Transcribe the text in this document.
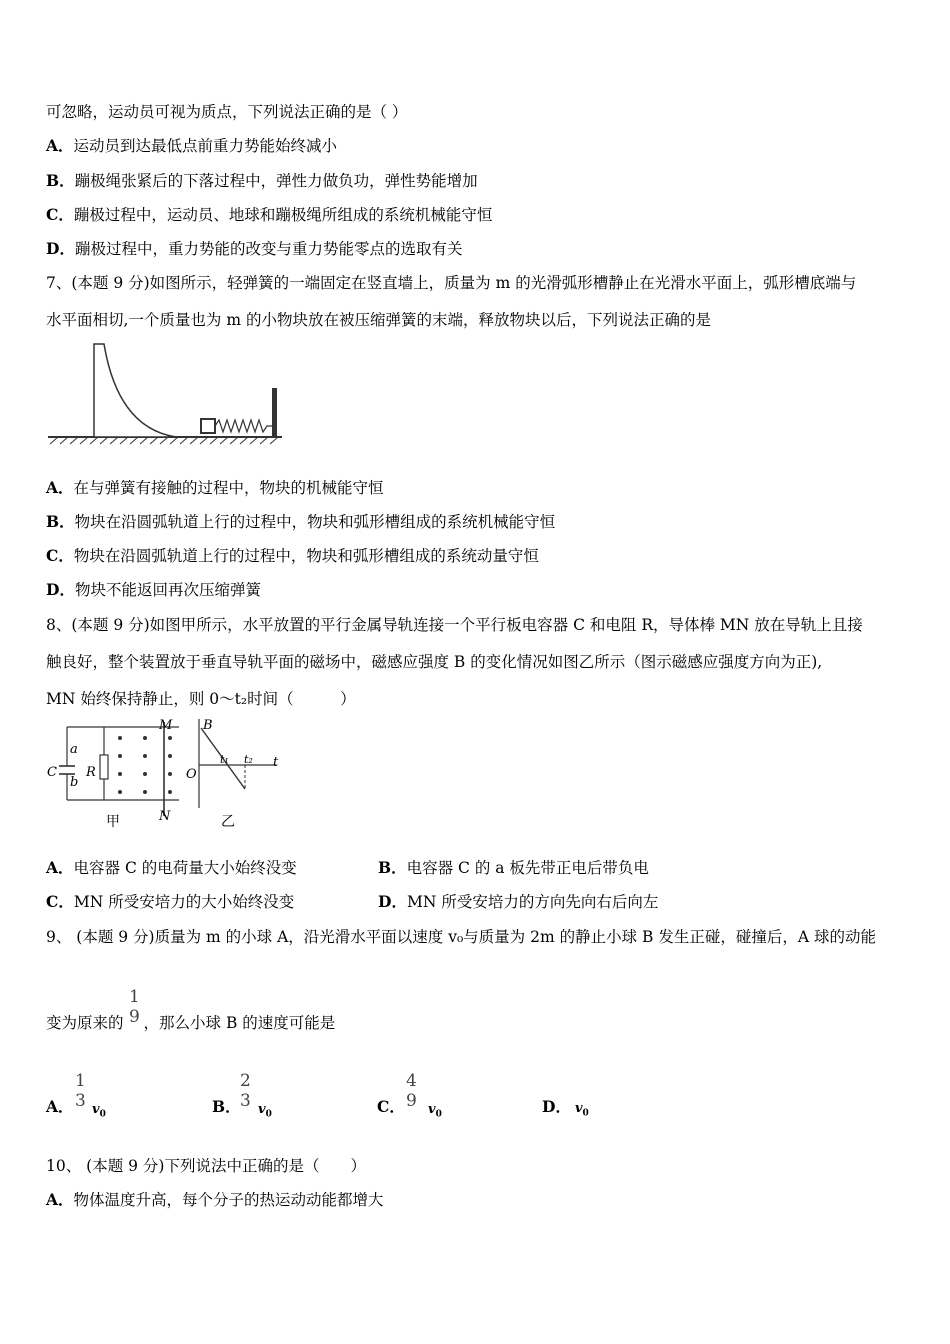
可忽略，运动员可视为质点，下列说法正确的是（ ）
A．运动员到达最低点前重力势能始终减小
B．蹦极绳张紧后的下落过程中，弹性力做负功，弹性势能增加
C．蹦极过程中，运动员、地球和蹦极绳所组成的系统机械能守恒
D．蹦极过程中，重力势能的改变与重力势能零点的选取有关
7、(本题 9 分)如图所示，轻弹簧的一端固定在竖直墙上，质量为 m 的光滑弧形槽静止在光滑水平面上，弧形槽底端与
水平面相切,一个质量也为 m 的小物块放在被压缩弹簧的末端，释放物块以后，下列说法正确的是
A．在与弹簧有接触的过程中，物块的机械能守恒
B．物块在沿圆弧轨道上行的过程中，物块和弧形槽组成的系统机械能守恒
C．物块在沿圆弧轨道上行的过程中，物块和弧形槽组成的系统动量守恒
D．物块不能返回再次压缩弹簧
8、(本题 9 分)如图甲所示，水平放置的平行金属导轨连接一个平行板电容器 C 和电阻 R，导体棒 MN 放在导轨上且接
触良好，整个装置放于垂直导轨平面的磁场中，磁感应强度 B 的变化情况如图乙所示（图示磁感应强度方向为正),
MN 始终保持静止，则 0～t₂时间（　　　）
a
b
C R
M
N
甲
B
O
t
t₁ t₂
乙
A．电容器 C 的电荷量大小始终没变	B．电容器 C 的 a 板先带正电后带负电
C．MN 所受安培力的大小始终没变	D．MN 所受安培力的方向先向右后向左
9、 (本题 9 分)质量为 m 的小球 A，沿光滑水平面以速度 v₀与质量为 2m 的静止小球 B 发生正碰，碰撞后，A 球的动能
变为原来的 ，那么小球 B 的速度可能是
1
9
A．
1
3 $v_0$	B．
2
3 $v_0$	C．
4
9 $v_0$	D． $v_0$
10、 (本题 9 分)下列说法中正确的是（　　）
A．物体温度升高，每个分子的热运动动能都增大
